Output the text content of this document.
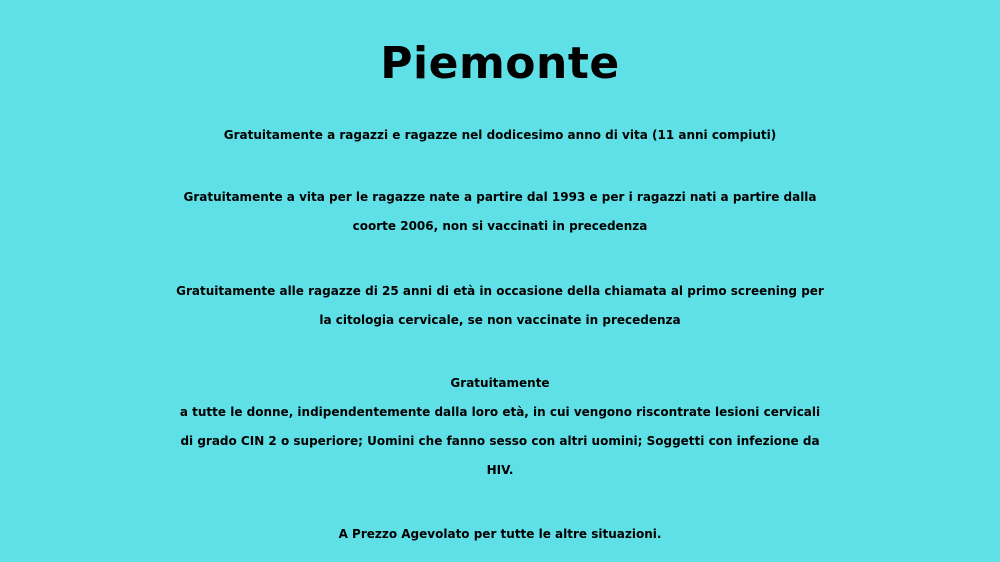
Piemonte

Gratuitamente a ragazzi e ragazze nel dodicesimo anno di vita (11 anni compiuti)

Gratuitamente a vita per le ragazze nate a partire dal 1993 e per i ragazzi nati a partire dalla
coorte 2006, non si vaccinati in precedenza

Gratuitamente alle ragazze di 25 anni di età in occasione della chiamata al primo screening per
la citologia cervicale, se non vaccinate in precedenza

Gratuitamente
a tutte le donne, indipendentemente dalla loro età, in cui vengono riscontrate lesioni cervicali
di grado CIN 2 o superiore; Uomini che fanno sesso con altri uomini; Soggetti con infezione da
HIV.

A Prezzo Agevolato per tutte le altre situazioni.
